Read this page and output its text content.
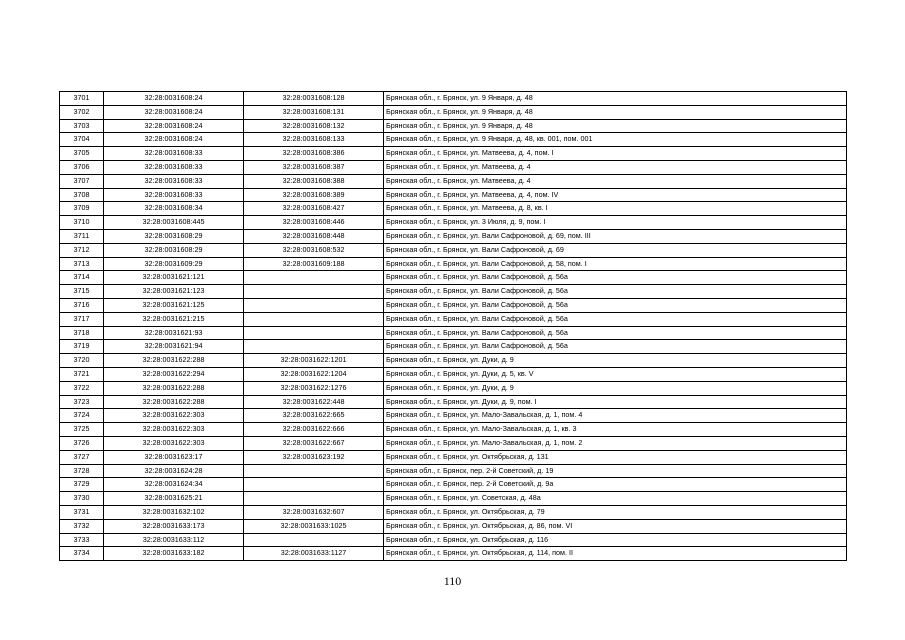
3701	32:28:0031608:24	32:28:0031608:128	Брянская обл., г. Брянск, ул. 9 Января, д. 48
3702	32:28:0031608:24	32:28:0031608:131	Брянская обл., г. Брянск, ул. 9 Января, д. 48
3703	32:28:0031608:24	32:28:0031608:132	Брянская обл., г. Брянск, ул. 9 Января, д. 48
3704	32:28:0031608:24	32:28:0031608:133	Брянская обл., г. Брянск, ул. 9 Января, д. 48, кв. 001, пом. 001
3705	32:28:0031608:33	32:28:0031608:386	Брянская обл., г. Брянск, ул. Матвеева, д. 4, пом. I
3706	32:28:0031608:33	32:28:0031608:387	Брянская обл., г. Брянск, ул. Матвеева, д. 4
3707	32:28:0031608:33	32:28:0031608:388	Брянская обл., г. Брянск, ул. Матвеева, д. 4
3708	32:28:0031608:33	32:28:0031608:389	Брянская обл., г. Брянск, ул. Матвеева, д. 4, пом. IV
3709	32:28:0031608:34	32:28:0031608:427	Брянская обл., г. Брянск, ул. Матвеева, д. 8, кв. I
3710	32:28:0031608:445	32:28:0031608:446	Брянская обл., г. Брянск, ул. 3 Июля, д. 9, пом. I
3711	32:28:0031608:29	32:28:0031608:448	Брянская обл., г. Брянск, ул. Вали Сафроновой, д. 69, пом. III
3712	32:28:0031608:29	32:28:0031608:532	Брянская обл., г. Брянск, ул. Вали Сафроновой, д. 69
3713	32:28:0031609:29	32:28:0031609:188	Брянская обл., г. Брянск, ул. Вали Сафроновой, д. 58, пом. I
3714	32:28:0031621:121		Брянская обл., г. Брянск, ул. Вали Сафроновой, д. 56а
3715	32:28:0031621:123		Брянская обл., г. Брянск, ул. Вали Сафроновой, д. 56а
3716	32:28:0031621:125		Брянская обл., г. Брянск, ул. Вали Сафроновой, д. 56а
3717	32:28:0031621:215		Брянская обл., г. Брянск, ул. Вали Сафроновой, д. 56а
3718	32:28:0031621:93		Брянская обл., г. Брянск, ул. Вали Сафроновой, д. 56а
3719	32:28:0031621:94		Брянская обл., г. Брянск, ул. Вали Сафроновой, д. 56а
3720	32:28:0031622:288	32:28:0031622:1201	Брянская обл., г. Брянск, ул. Дуки, д. 9
3721	32:28:0031622:294	32:28:0031622:1204	Брянская обл., г. Брянск, ул. Дуки, д. 5, кв. V
3722	32:28:0031622:288	32:28:0031622:1276	Брянская обл., г. Брянск, ул. Дуки, д. 9
3723	32:28:0031622:288	32:28:0031622:448	Брянская обл., г. Брянск, ул. Дуки, д. 9, пом. I
3724	32:28:0031622:303	32:28:0031622:665	Брянская обл., г. Брянск, ул. Мало-Завальская, д. 1, пом. 4
3725	32:28:0031622:303	32:28:0031622:666	Брянская обл., г. Брянск, ул. Мало-Завальская, д. 1, кв. 3
3726	32:28:0031622:303	32:28:0031622:667	Брянская обл., г. Брянск, ул. Мало-Завальская, д. 1, пом. 2
3727	32:28:0031623:17	32:28:0031623:192	Брянская обл., г. Брянск, ул. Октябрьская, д. 131
3728	32:28:0031624:28		Брянская обл., г. Брянск, пер. 2-й Советский, д. 19
3729	32:28:0031624:34		Брянская обл., г. Брянск, пер. 2-й Советский, д. 9а
3730	32:28:0031625:21		Брянская обл., г. Брянск, ул. Советская, д. 48а
3731	32:28:0031632:102	32:28:0031632:607	Брянская обл., г. Брянск, ул. Октябрьская, д. 79
3732	32:28:0031633:173	32:28:0031633:1025	Брянская обл., г. Брянск, ул. Октябрьская, д. 86, пом. VI
3733	32:28:0031633:112		Брянская обл., г. Брянск, ул. Октябрьская, д. 116
3734	32:28:0031633:182	32:28:0031633:1127	Брянская обл., г. Брянск, ул. Октябрьская, д. 114, пом. II
110
